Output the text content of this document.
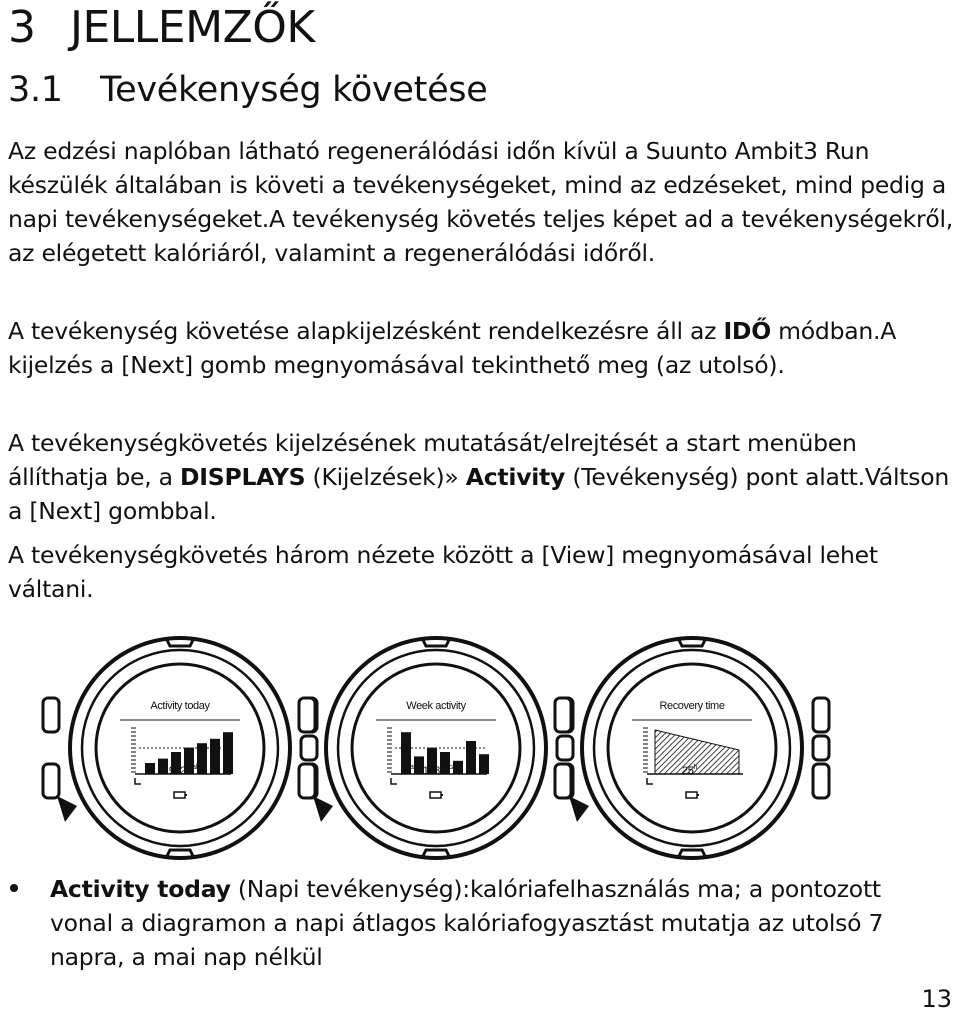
3 JELLEMZŐK
3.1 Tevékenység követése

Az edzési naplóban látható regenerálódási időn kívül a Suunto Ambit3 Run készülék általában is követi a tevékenységeket, mind az edzéseket, mind pedig a napi tevékenységeket.A tevékenység követés teljes képet ad a tevékenységekről, az elégetett kalóriáról, valamint a regenerálódási időről.

A tevékenység követése alapkijelzésként rendelkezésre áll az IDŐ módban.A kijelzés a [Next] gomb megnyomásával tekinthető meg (az utolsó).

A tevékenységkövetés kijelzésének mutatását/elrejtését a start menüben állíthatja be, a DISPLAYS (Kijelzések)» Activity (Tevékenység) pont alatt.Váltson a [Next] gombbal.

A tevékenységkövetés három nézete között a [View] megnyomásával lehet váltani.

Activity today
$1962^{kcal}$
Week activity
$^{avg}$ $1936^{kcal}$
Recovery time
25$^h$

Activity today (Napi tevékenység):kalóriafelhasználás ma; a pontozott vonal a diagramon a napi átlagos kalóriafogyasztást mutatja az utolsó 7 napra, a mai nap nélkül

13
